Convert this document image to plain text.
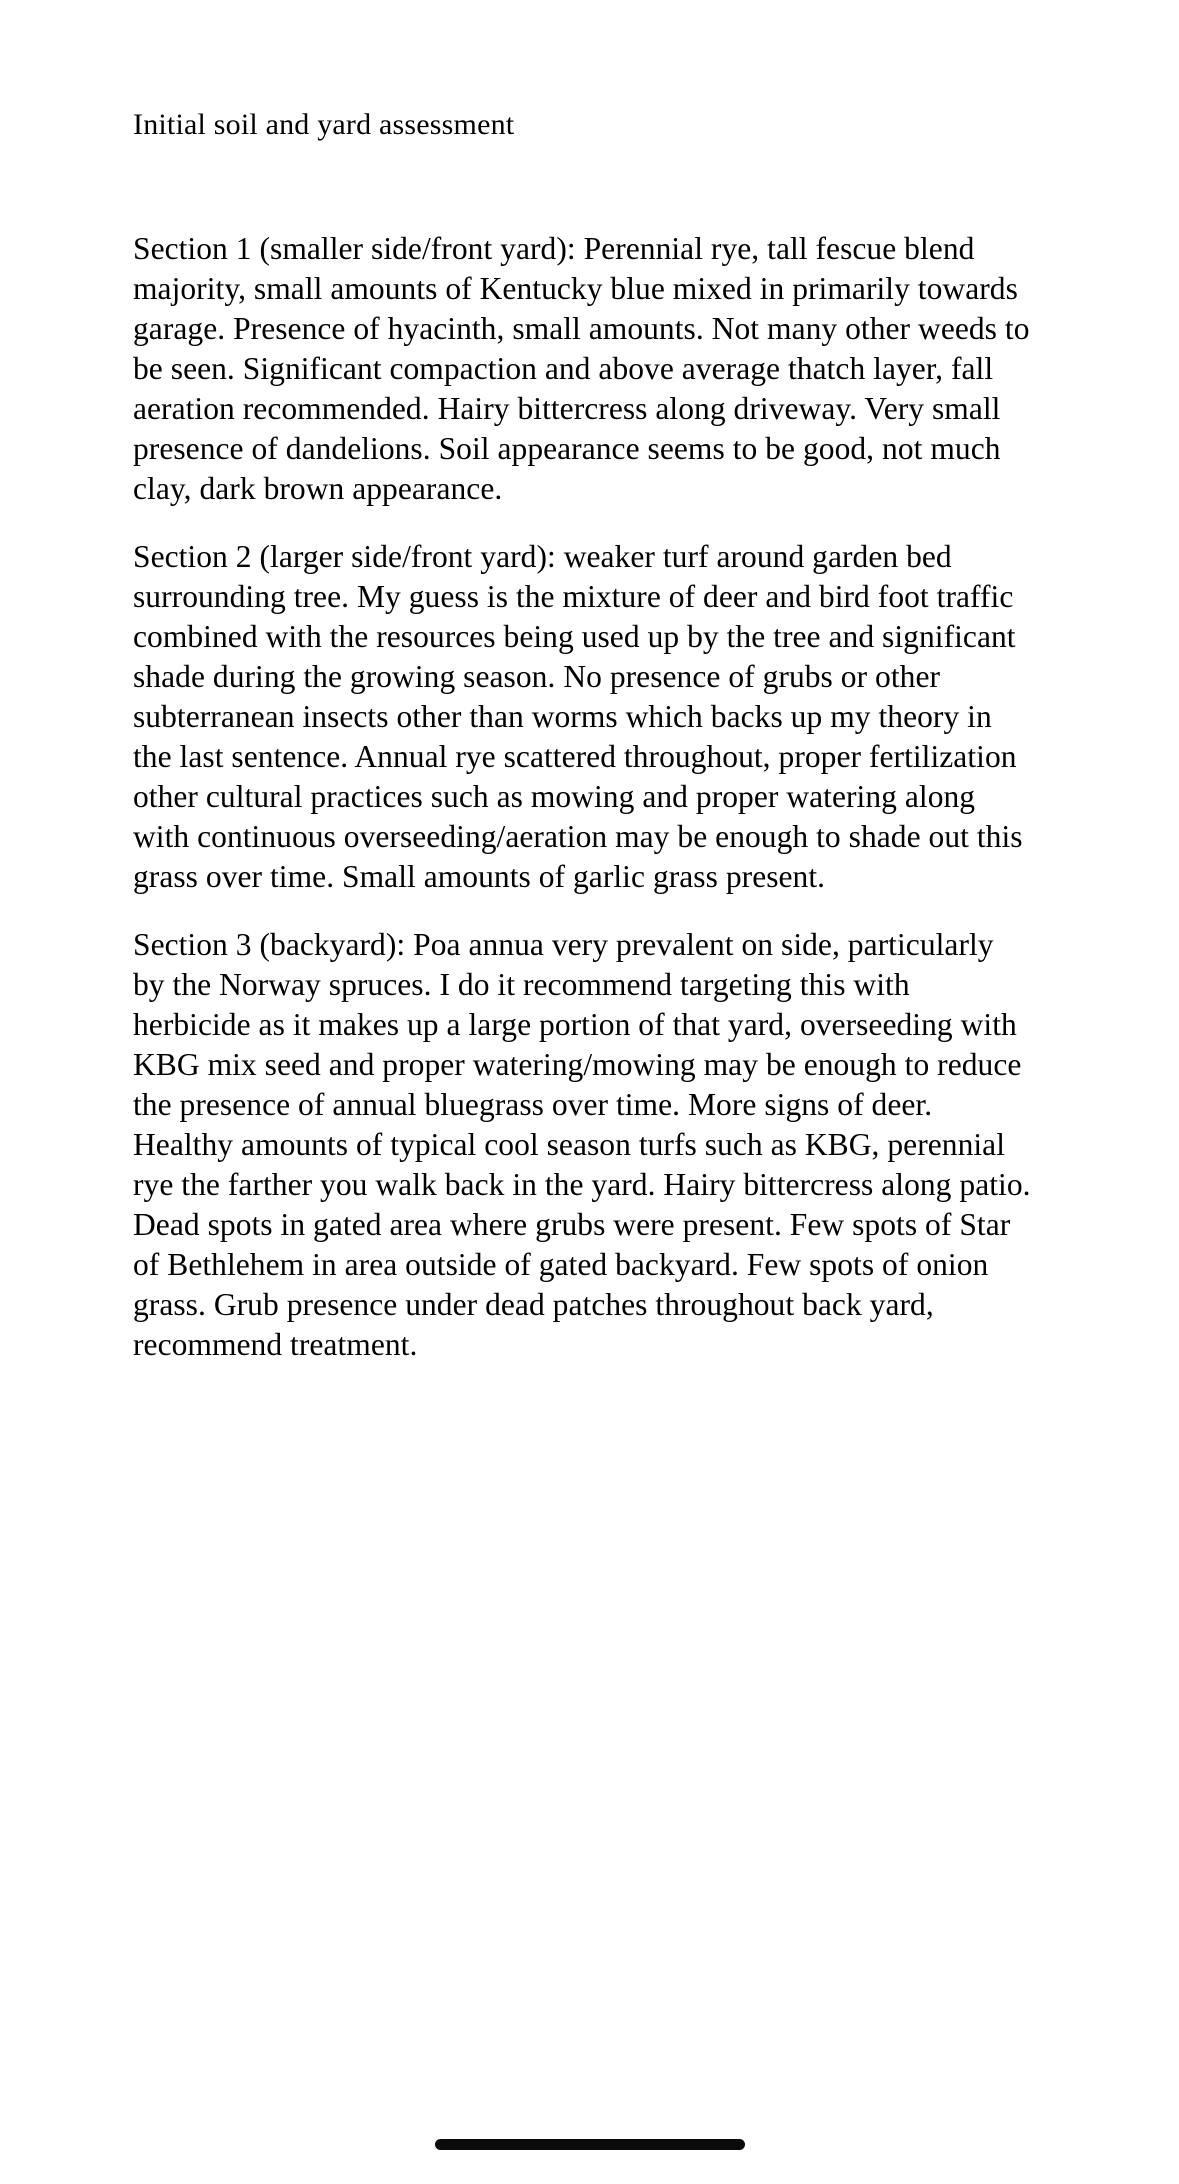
Initial soil and yard assessment

Section 1 (smaller side/front yard): Perennial rye, tall fescue blend majority, small amounts of Kentucky blue mixed in primarily towards garage. Presence of hyacinth, small amounts. Not many other weeds to be seen. Significant compaction and above average thatch layer, fall aeration recommended. Hairy bittercress along driveway. Very small presence of dandelions. Soil appearance seems to be good, not much clay, dark brown appearance.

Section 2 (larger side/front yard): weaker turf around garden bed surrounding tree. My guess is the mixture of deer and bird foot traffic combined with the resources being used up by the tree and significant shade during the growing season. No presence of grubs or other subterranean insects other than worms which backs up my theory in the last sentence. Annual rye scattered throughout, proper fertilization other cultural practices such as mowing and proper watering along with continuous overseeding/aeration may be enough to shade out this grass over time. Small amounts of garlic grass present.

Section 3 (backyard): Poa annua very prevalent on side, particularly by the Norway spruces. I do it recommend targeting this with herbicide as it makes up a large portion of that yard, overseeding with KBG mix seed and proper watering/mowing may be enough to reduce the presence of annual bluegrass over time. More signs of deer. Healthy amounts of typical cool season turfs such as KBG, perennial rye the farther you walk back in the yard. Hairy bittercress along patio. Dead spots in gated area where grubs were present. Few spots of Star of Bethlehem in area outside of gated backyard. Few spots of onion grass. Grub presence under dead patches throughout back yard, recommend treatment.
